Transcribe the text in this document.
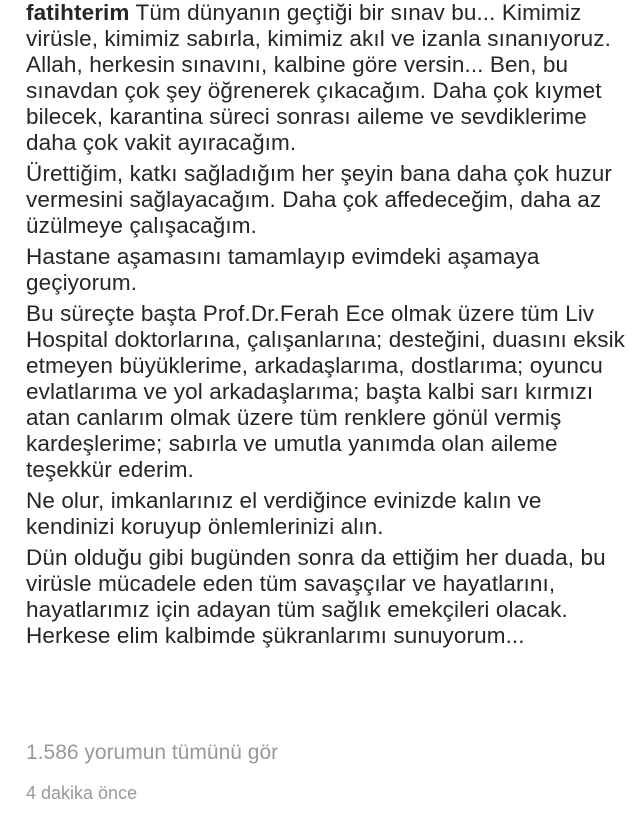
fatihterim Tüm dünyanın geçtiği bir sınav bu... Kimimiz virüsle, kimimiz sabırla, kimimiz akıl ve izanla sınanıyoruz. Allah, herkesin sınavını, kalbine göre versin... Ben, bu sınavdan çok şey öğrenerek çıkacağım. Daha çok kıymet bilecek, karantina süreci sonrası aileme ve sevdiklerime daha çok vakit ayıracağım.

Ürettiğim, katkı sağladığım her şeyin bana daha çok huzur vermesini sağlayacağım. Daha çok affedeceğim, daha az üzülmeye çalışacağım.

Hastane aşamasını tamamlayıp evimdeki aşamaya geçiyorum.

Bu süreçte başta Prof.Dr.Ferah Ece olmak üzere tüm Liv Hospital doktorlarına, çalışanlarına; desteğini, duasını eksik etmeyen büyüklerime, arkadaşlarıma, dostlarıma; oyuncu evlatlarıma ve yol arkadaşlarıma; başta kalbi sarı kırmızı atan canlarım olmak üzere tüm renklere gönül vermiş kardeşlerime; sabırla ve umutla yanımda olan aileme teşekkür ederim.

Ne olur, imkanlarınız el verdiğince evinizde kalın ve kendinizi koruyup önlemlerinizi alın.

Dün olduğu gibi bugünden sonra da ettiğim her duada, bu virüsle mücadele eden tüm savaşçılar ve hayatlarını, hayatlarımız için adayan tüm sağlık emekçileri olacak. Herkese elim kalbimde şükranlarımı sunuyorum...

1.586 yorumun tümünü gör
4 dakika önce
